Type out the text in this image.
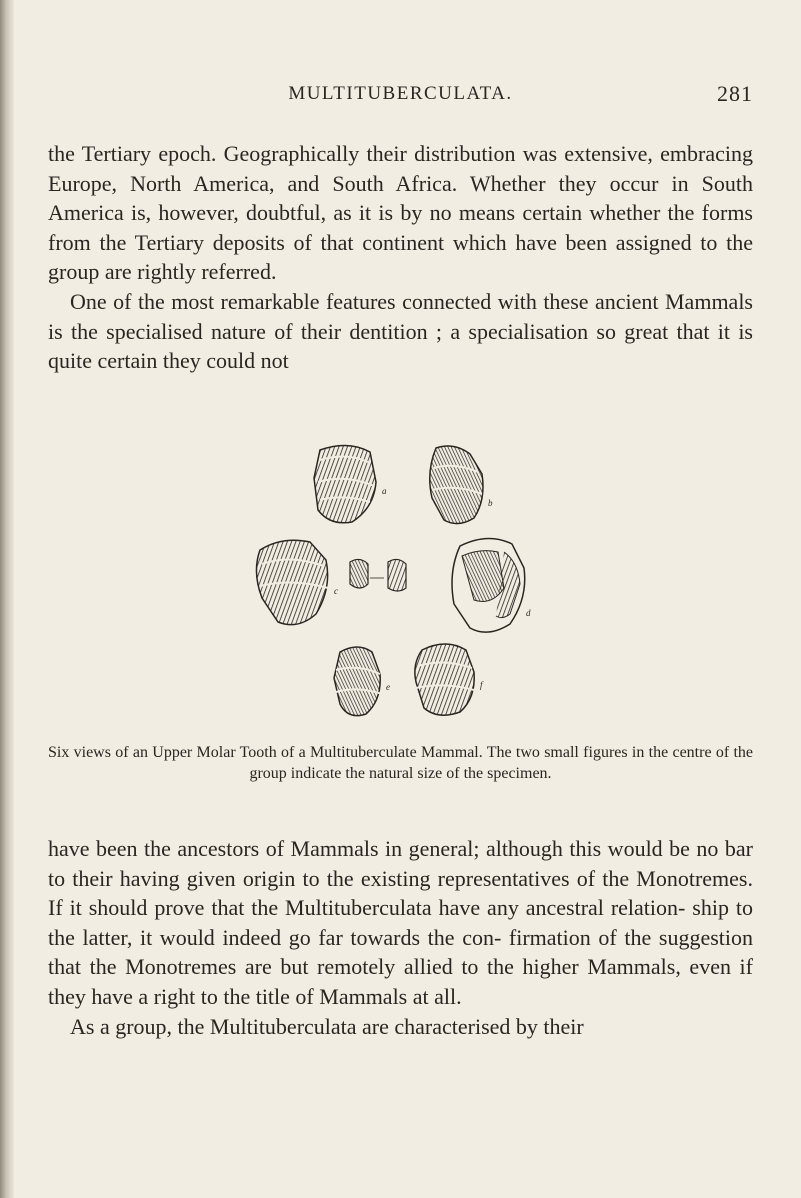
MULTITUBERCULATA.	281

the Tertiary epoch. Geographically their distribution was extensive, embracing Europe, North America, and South Africa. Whether they occur in South America is, however, doubtful, as it is by no means certain whether the forms from the Tertiary deposits of that continent which have been assigned to the group are rightly referred.

One of the most remarkable features connected with these ancient Mammals is the specialised nature of their dentition ; a specialisation so great that it is quite certain they could not

a
b
c
d
e	f
Six views of an Upper Molar Tooth of a Multituberculate Mammal. The two small figures in the centre of the group indicate the natural size of the specimen.

have been the ancestors of Mammals in general; although this would be no bar to their having given origin to the existing representatives of the Monotremes. If it should prove that the Multituberculata have any ancestral relation- ship to the latter, it would indeed go far towards the con- firmation of the suggestion that the Monotremes are but remotely allied to the higher Mammals, even if they have a right to the title of Mammals at all.

As a group, the Multituberculata are characterised by their
